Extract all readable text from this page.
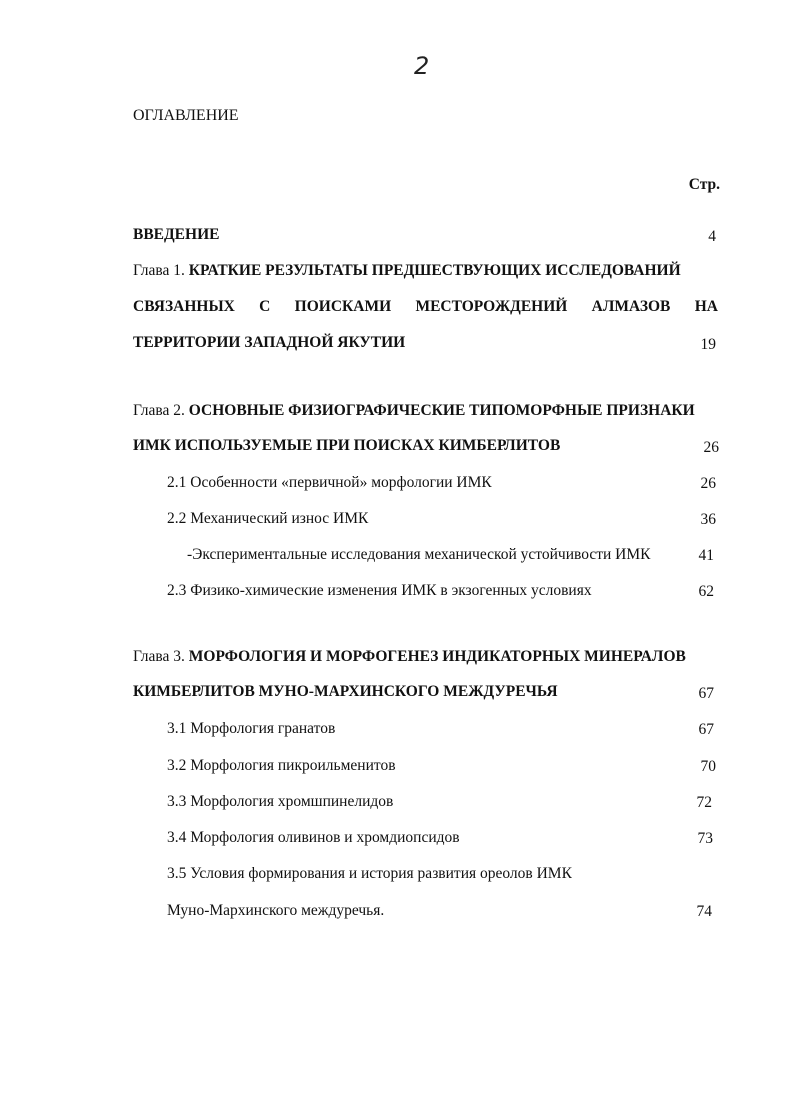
2
ОГЛАВЛЕНИЕ
Стр.
ВВЕДЕНИЕ	4
Глава 1. КРАТКИЕ РЕЗУЛЬТАТЫ ПРЕДШЕСТВУЮЩИХ ИССЛЕДОВАНИЙ
СВЯЗАННЫХ С ПОИСКАМИ МЕСТОРОЖДЕНИЙ АЛМАЗОВ НА
ТЕРРИТОРИИ ЗАПАДНОЙ ЯКУТИИ	19
Глава 2. ОСНОВНЫЕ ФИЗИОГРАФИЧЕСКИЕ ТИПОМОРФНЫЕ ПРИЗНАКИ
ИМК ИСПОЛЬЗУЕМЫЕ ПРИ ПОИСКАХ КИМБЕРЛИТОВ	26
2.1 Особенности «первичной» морфологии ИМК	26
2.2 Механический износ ИМК	36
-Экспериментальные исследования механической устойчивости ИМК	41
2.3 Физико-химические изменения ИМК в экзогенных условиях	62
Глава 3. МОРФОЛОГИЯ И МОРФОГЕНЕЗ ИНДИКАТОРНЫХ МИНЕРАЛОВ
КИМБЕРЛИТОВ МУНО-МАРХИНСКОГО МЕЖДУРЕЧЬЯ	67
3.1 Морфология гранатов	67
3.2 Морфология пикроильменитов	70
3.3 Морфология хромшпинелидов	72
3.4 Морфология оливинов и хромдиопсидов	73
3.5 Условия формирования и история развития ореолов ИМК
Муно-Мархинского междуречья.	74
